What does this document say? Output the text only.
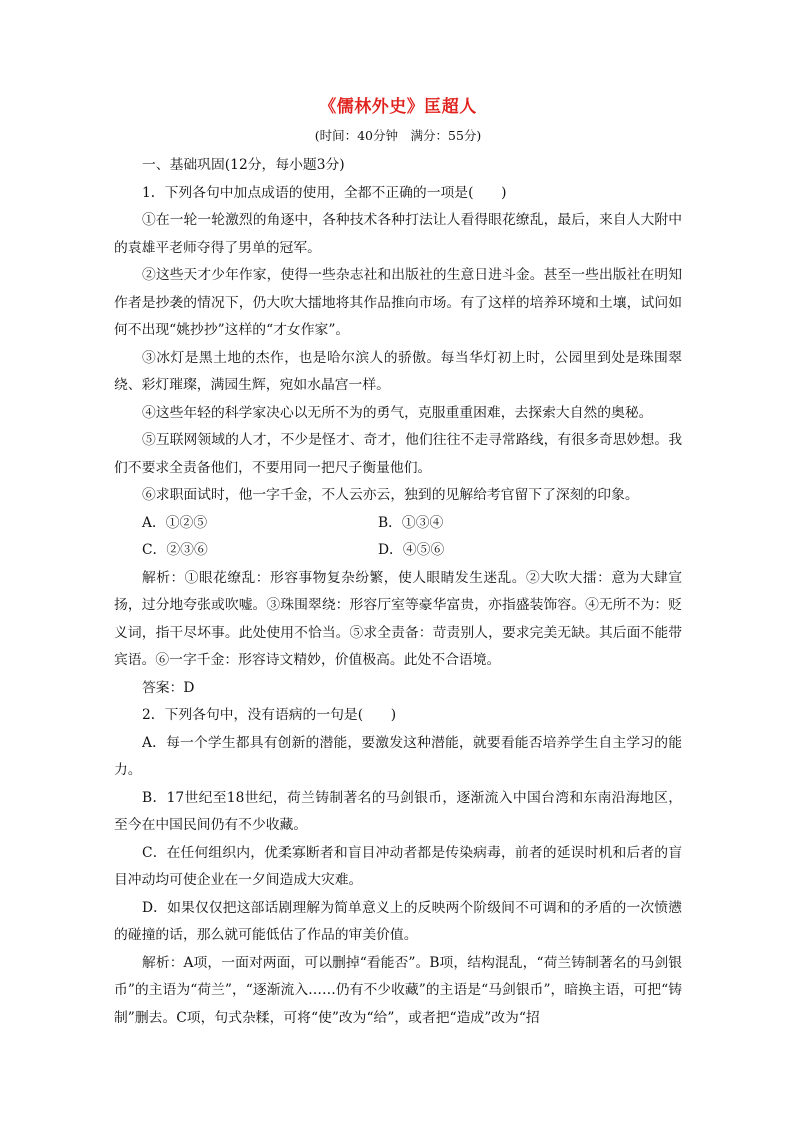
《儒林外史》匡超人
(时间：40分钟　满分：55分)

一、基础巩固(12分，每小题3分)

1．下列各句中加点成语的使用，全都不正确的一项是(　　)

①在一轮一轮激烈的角逐中，各种技术各种打法让人看得眼花缭乱，最后，来自人大附中的袁雄平老师夺得了男单的冠军。

②这些天才少年作家，使得一些杂志社和出版社的生意日进斗金。甚至一些出版社在明知作者是抄袭的情况下，仍大吹大擂地将其作品推向市场。有了这样的培养环境和土壤，试问如何不出现“姚抄抄”这样的“才女作家”。

③冰灯是黑土地的杰作，也是哈尔滨人的骄傲。每当华灯初上时，公园里到处是珠围翠绕、彩灯璀璨，满园生辉，宛如水晶宫一样。

④这些年轻的科学家决心以无所不为的勇气，克服重重困难，去探索大自然的奥秘。

⑤互联网领域的人才，不少是怪才、奇才，他们往往不走寻常路线，有很多奇思妙想。我们不要求全责备他们，不要用同一把尺子衡量他们。

⑥求职面试时，他一字千金，不人云亦云，独到的见解给考官留下了深刻的印象。

A．①②⑤	B．①③④
C．②③⑥	D．④⑤⑥

解析：①眼花缭乱：形容事物复杂纷繁，使人眼睛发生迷乱。②大吹大擂：意为大肆宣扬，过分地夸张或吹嘘。③珠围翠绕：形容厅室等豪华富贵，亦指盛装饰容。④无所不为：贬义词，指干尽坏事。此处使用不恰当。⑤求全责备：苛责别人，要求完美无缺。其后面不能带宾语。⑥一字千金：形容诗文精妙，价值极高。此处不合语境。

答案：D

2．下列各句中，没有语病的一句是(　　)

A．每一个学生都具有创新的潜能，要激发这种潜能，就要看能否培养学生自主学习的能力。

B．17世纪至18世纪，荷兰铸制著名的马剑银币，逐渐流入中国台湾和东南沿海地区，至今在中国民间仍有不少收藏。

C．在任何组织内，优柔寡断者和盲目冲动者都是传染病毒，前者的延误时机和后者的盲目冲动均可使企业在一夕间造成大灾难。

D．如果仅仅把这部话剧理解为简单意义上的反映两个阶级间不可调和的矛盾的一次愤懑的碰撞的话，那么就可能低估了作品的审美价值。

解析：A项，一面对两面，可以删掉“看能否”。B项，结构混乱，“荷兰铸制著名的马剑银币”的主语为“荷兰”，“逐渐流入……仍有不少收藏”的主语是“马剑银币”，暗换主语，可把“铸制”删去。C项，句式杂糅，可将“使”改为“给”，或者把“造成”改为“招
